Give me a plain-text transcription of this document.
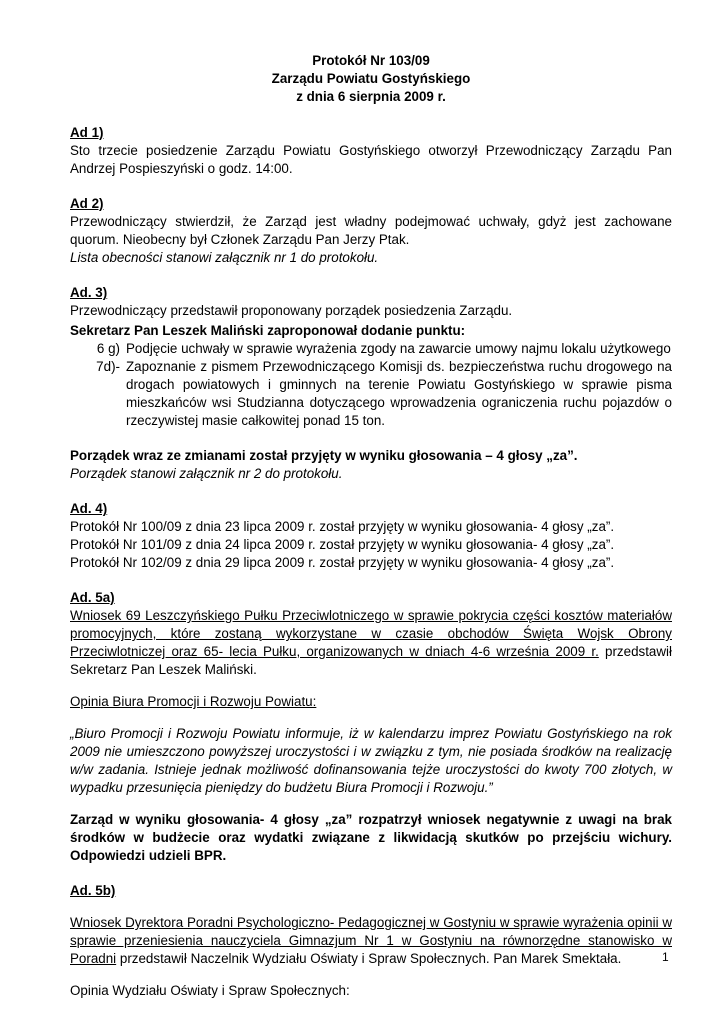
Protokół Nr 103/09
Zarządu Powiatu Gostyńskiego
z dnia 6 sierpnia 2009 r.
Ad 1)
Sto trzecie posiedzenie Zarządu Powiatu Gostyńskiego otworzył Przewodniczący Zarządu Pan Andrzej Pospieszyński o godz. 14:00.
Ad 2)
Przewodniczący stwierdził, że Zarząd jest władny podejmować uchwały, gdyż jest zachowane quorum. Nieobecny był Członek Zarządu Pan Jerzy Ptak.
Lista obecności stanowi załącznik nr 1 do protokołu.
Ad. 3)
Przewodniczący przedstawił proponowany porządek posiedzenia Zarządu.
Sekretarz Pan Leszek Maliński zaproponował dodanie punktu:
6 g) Podjęcie uchwały w sprawie wyrażenia zgody na zawarcie umowy najmu lokalu użytkowego
7d)- Zapoznanie z pismem Przewodniczącego Komisji ds. bezpieczeństwa ruchu drogowego na drogach powiatowych i gminnych na terenie Powiatu Gostyńskiego w sprawie pisma mieszkańców wsi Studzianna dotyczącego wprowadzenia ograniczenia ruchu pojazdów o rzeczywistej masie całkowitej ponad 15 ton.
Porządek wraz ze zmianami został przyjęty w wyniku głosowania – 4 głosy „za”.
Porządek stanowi załącznik nr 2 do protokołu.
Ad. 4)
Protokół Nr 100/09 z dnia 23 lipca 2009 r. został przyjęty w wyniku głosowania- 4 głosy „za”.
Protokół Nr 101/09 z dnia 24 lipca 2009 r. został przyjęty w wyniku głosowania- 4 głosy „za”.
Protokół Nr 102/09 z dnia 29 lipca 2009 r. został przyjęty w wyniku głosowania- 4 głosy „za”.
Ad. 5a)
Wniosek 69 Leszczyńskiego Pułku Przeciwlotniczego w sprawie pokrycia części kosztów materiałów promocyjnych, które zostaną wykorzystane w czasie obchodów Święta Wojsk Obrony Przeciwlotniczej oraz 65- lecia Pułku, organizowanych w dniach 4-6 września 2009 r. przedstawił Sekretarz Pan Leszek Maliński.
Opinia Biura Promocji i Rozwoju Powiatu:
„Biuro Promocji i Rozwoju Powiatu informuje, iż w kalendarzu imprez Powiatu Gostyńskiego na rok 2009 nie umieszczono powyższej uroczystości i w związku z tym, nie posiada środków na realizację w/w zadania. Istnieje jednak możliwość dofinansowania tejże uroczystości do kwoty 700 złotych, w wypadku przesunięcia pieniędzy do budżetu Biura Promocji i Rozwoju.”
Zarząd w wyniku głosowania- 4 głosy „za” rozpatrzył wniosek negatywnie z uwagi na brak środków w budżecie oraz wydatki związane z likwidacją skutków po przejściu wichury. Odpowiedzi udzieli BPR.
Ad. 5b)
Wniosek Dyrektora Poradni Psychologiczno- Pedagogicznej w Gostyniu w sprawie wyrażenia opinii w sprawie przeniesienia nauczyciela Gimnazjum Nr 1 w Gostyniu na równorzędne stanowisko w Poradni przedstawił Naczelnik Wydziału Oświaty i Spraw Społecznych. Pan Marek Smektała.
Opinia Wydziału Oświaty i Spraw Społecznych:
1
